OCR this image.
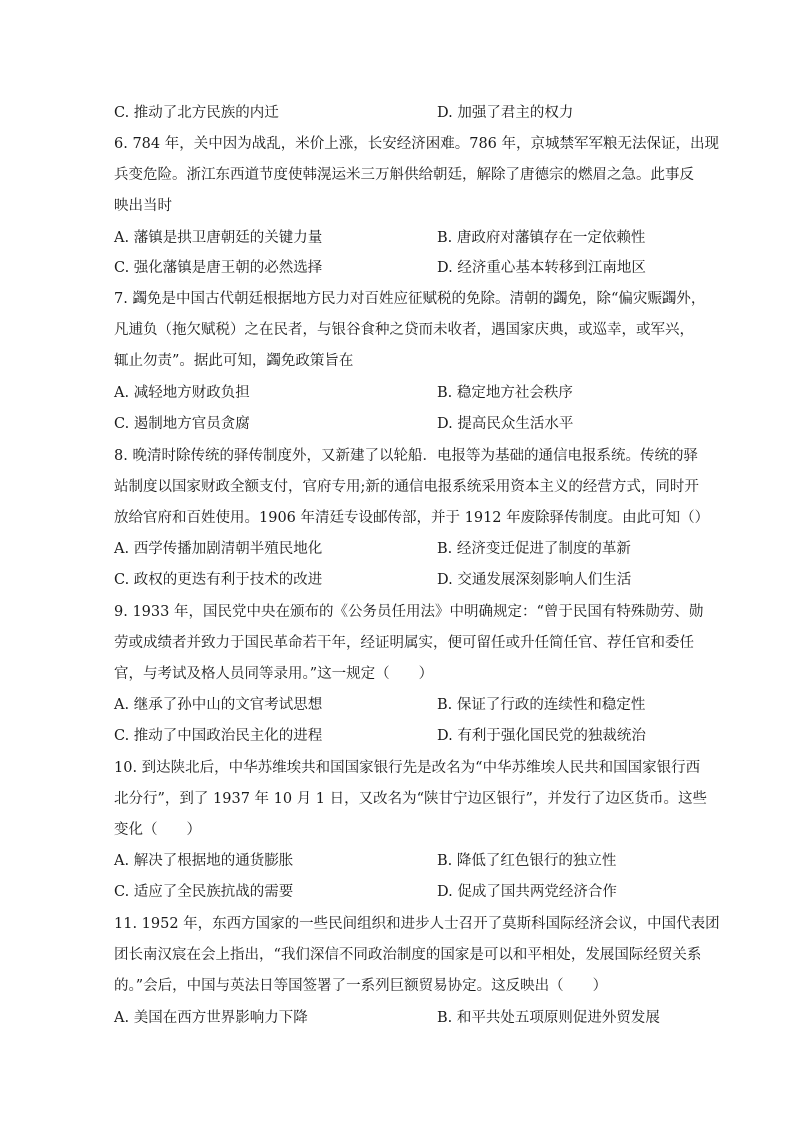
C. 推动了北方民族的内迁	D. 加强了君主的权力
6. 784 年，关中因为战乱，米价上涨，长安经济困难。786 年，京城禁军军粮无法保证，出现
兵变危险。浙江东西道节度使韩滉运米三万斛供给朝廷，解除了唐德宗的燃眉之急。此事反
映出当时
A. 藩镇是拱卫唐朝廷的关键力量	B. 唐政府对藩镇存在一定依赖性
C. 强化藩镇是唐王朝的必然选择	D. 经济重心基本转移到江南地区
7. 蠲免是中国古代朝廷根据地方民力对百姓应征赋税的免除。清朝的蠲免，除“偏灾赈蠲外，
凡逋负（拖欠赋税）之在民者，与银谷食种之贷而未收者，遇国家庆典，或巡幸，或军兴，
辄止勿责”。据此可知，蠲免政策旨在
A. 减轻地方财政负担	B. 稳定地方社会秩序
C. 遏制地方官员贪腐	D. 提高民众生活水平
8. 晚清时除传统的驿传制度外，又新建了以轮船．电报等为基础的通信电报系统。传统的驿
站制度以国家财政全额支付，官府专用;新的通信电报系统采用资本主义的经营方式，同时开
放给官府和百姓使用。1906 年清廷专设邮传部，并于 1912 年废除驿传制度。由此可知（）
A. 西学传播加剧清朝半殖民地化	B. 经济变迁促进了制度的革新
C. 政权的更迭有利于技术的改进	D. 交通发展深刻影响人们生活
9. 1933 年，国民党中央在颁布的《公务员任用法》中明确规定：“曾于民国有特殊勋劳、勋
劳或成绩者并致力于国民革命若干年，经证明属实，便可留任或升任简任官、荐任官和委任
官，与考试及格人员同等录用。”这一规定（　　）
A. 继承了孙中山的文官考试思想	B. 保证了行政的连续性和稳定性
C. 推动了中国政治民主化的进程	D. 有利于强化国民党的独裁统治
10. 到达陕北后，中华苏维埃共和国国家银行先是改名为“中华苏维埃人民共和国国家银行西
北分行”，到了 1937 年 10 月 1 日，又改名为“陕甘宁边区银行”，并发行了边区货币。这些
变化（　　）
A. 解决了根据地的通货膨胀	B. 降低了红色银行的独立性
C. 适应了全民族抗战的需要	D. 促成了国共两党经济合作
11. 1952 年，东西方国家的一些民间组织和进步人士召开了莫斯科国际经济会议，中国代表团
团长南汉宸在会上指出，“我们深信不同政治制度的国家是可以和平相处，发展国际经贸关系
的。”会后，中国与英法日等国签署了一系列巨额贸易协定。这反映出（　　）
A. 美国在西方世界影响力下降	B. 和平共处五项原则促进外贸发展
